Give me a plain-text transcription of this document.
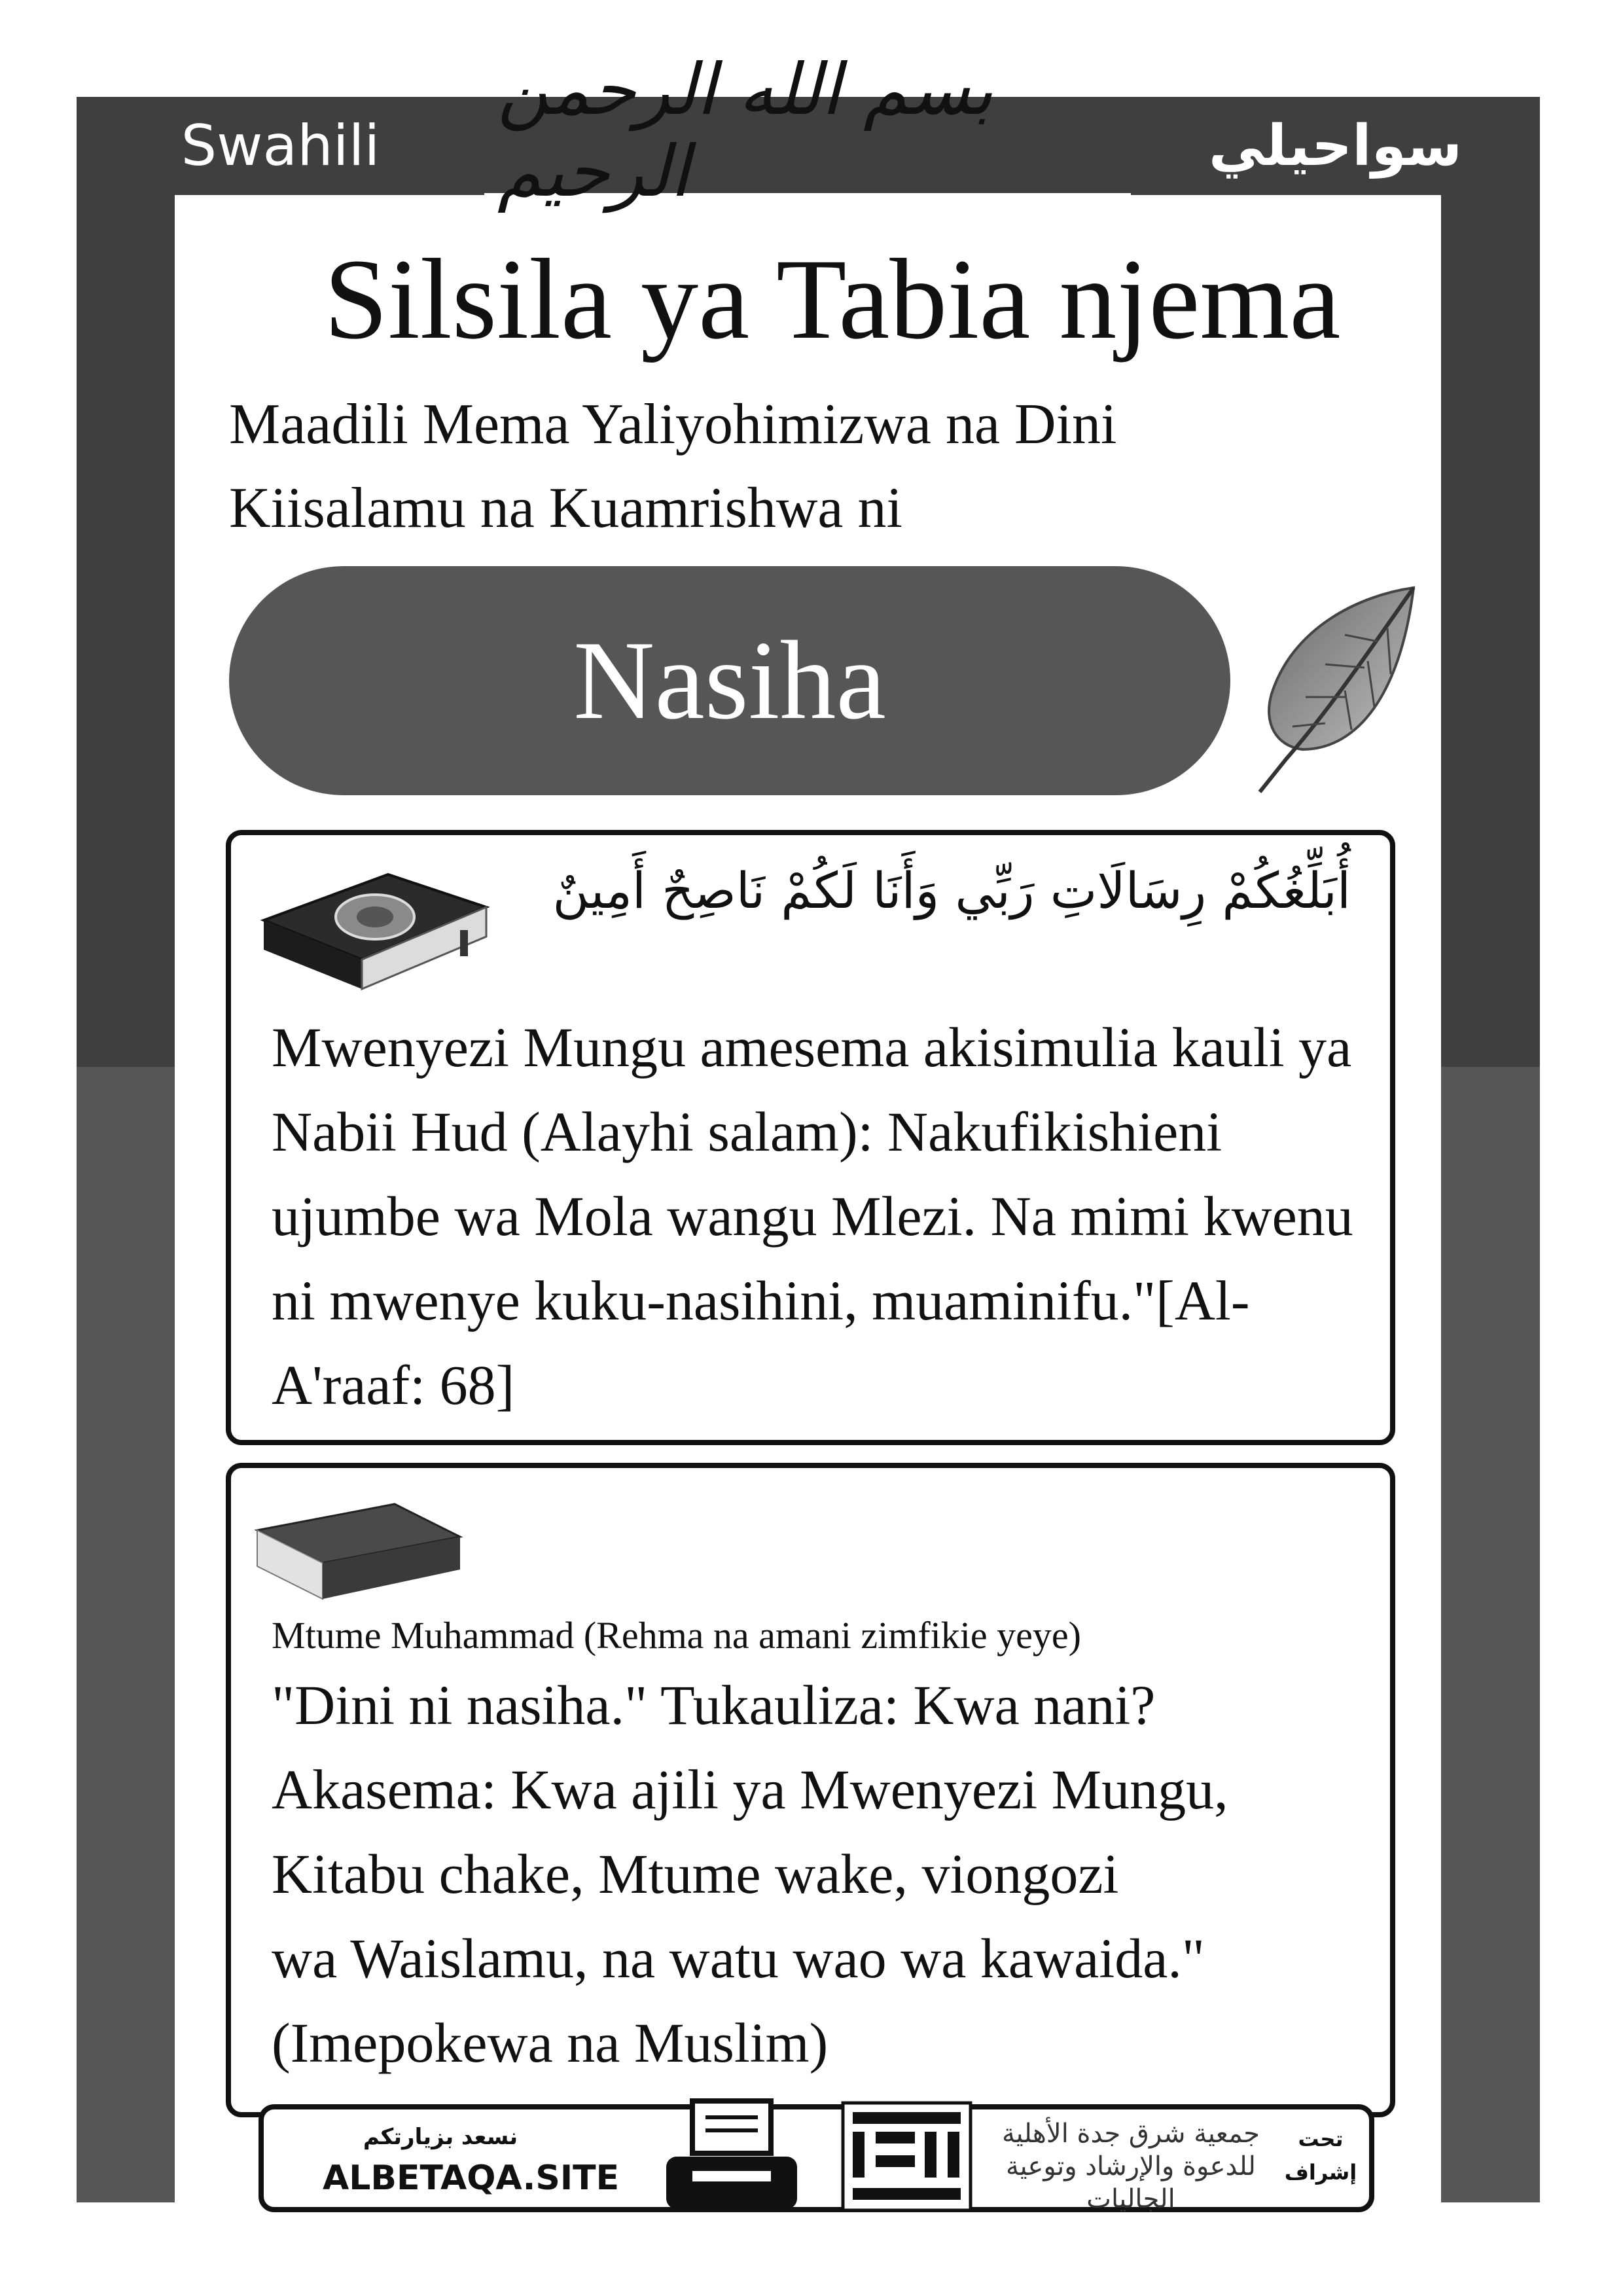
Swahili	سواحيلي
بسم الله الرحمن الرحيم
Silsila ya Tabia njema
Maadili Mema Yaliyohimizwa na Dini Kiisalamu na Kuamrishwa ni
Nasiha
أُبَلِّغُكُمْ رِسَالَاتِ رَبِّي وَأَنَا لَكُمْ نَاصِحٌ أَمِينٌ
Mwenyezi Mungu amesema akisimulia kauli ya Nabii Hud (Alayhi salam): Nakufikishieni ujumbe wa Mola wangu Mlezi. Na mimi kwenu ni mwenye kuku-nasihini, muaminifu."[Al-A'raaf: 68]
Mtume Muhammad (Rehma na amani zimfikie yeye)
"Dini ni nasiha." Tukauliza: Kwa nani?
Akasema: Kwa ajili ya Mwenyezi Mungu,
Kitabu chake, Mtume wake, viongozi
wa Waislamu, na watu wao wa kawaida."
(Imepokewa na Muslim)
نسعد بزيارتكم
ALBETAQA.SITE	الدعوة بالورقة
جمعية شرق جدة الأهلية للدعوة والإرشاد وتوعية الجاليات
تحت إشراف
